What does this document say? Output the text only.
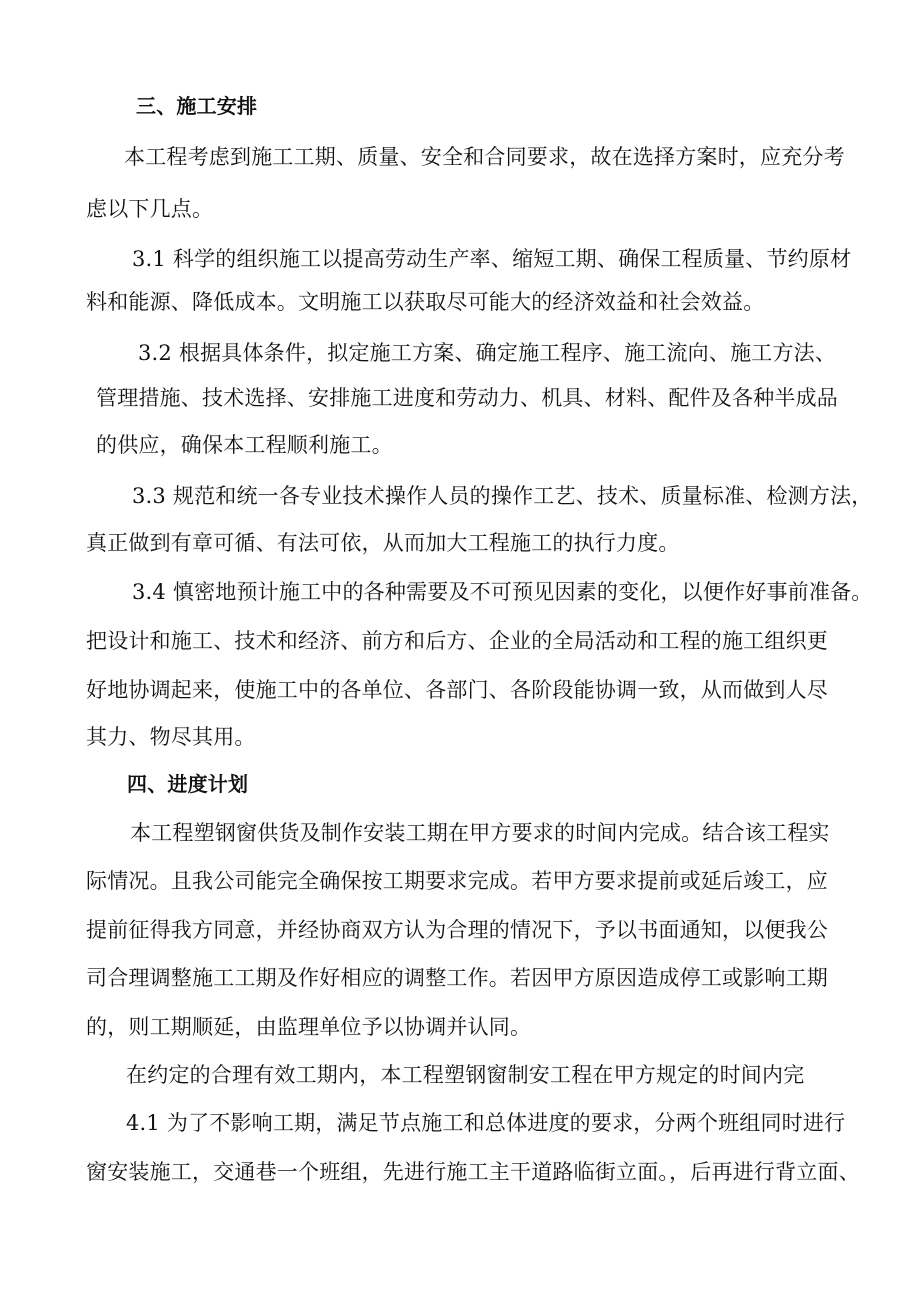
三、施工安排
本工程考虑到施工工期、质量、安全和合同要求，故在选择方案时，应充分考
虑以下几点。
3.1 科学的组织施工以提高劳动生产率、缩短工期、确保工程质量、节约原材
料和能源、降低成本。文明施工以获取尽可能大的经济效益和社会效益。
3.2 根据具体条件，拟定施工方案、确定施工程序、施工流向、施工方法、
管理措施、技术选择、安排施工进度和劳动力、机具、材料、配件及各种半成品
的供应，确保本工程顺利施工。
3.3 规范和统一各专业技术操作人员的操作工艺、技术、质量标准、检测方法，
真正做到有章可循、有法可依，从而加大工程施工的执行力度。
3.4 慎密地预计施工中的各种需要及不可预见因素的变化，以便作好事前准备。
把设计和施工、技术和经济、前方和后方、企业的全局活动和工程的施工组织更
好地协调起来，使施工中的各单位、各部门、各阶段能协调一致，从而做到人尽
其力、物尽其用。
四、进度计划
本工程塑钢窗供货及制作安装工期在甲方要求的时间内完成。结合该工程实
际情况。且我公司能完全确保按工期要求完成。若甲方要求提前或延后竣工，应
提前征得我方同意，并经协商双方认为合理的情况下，予以书面通知，以便我公
司合理调整施工工期及作好相应的调整工作。若因甲方原因造成停工或影响工期
的，则工期顺延，由监理单位予以协调并认同。
在约定的合理有效工期内，本工程塑钢窗制安工程在甲方规定的时间内完
4.1 为了不影响工期，满足节点施工和总体进度的要求，分两个班组同时进行
窗安装施工，交通巷一个班组，先进行施工主干道路临街立面。，后再进行背立面、
